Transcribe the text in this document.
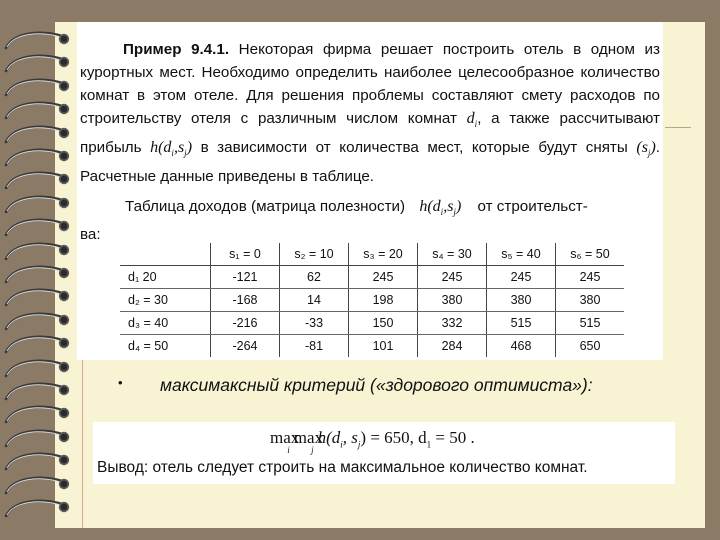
Пример 9.4.1. Некоторая фирма решает построить отель в одном из курортных мест. Необходимо определить наиболее целесообразное количество комнат в этом отеле. Для решения проблемы составляют смету расходов по строительству отеля с различным числом комнат $d_i$, а также рассчитывают прибыль $h(d_i,s_j)$ в зависимости от количества мест, которые будут сняты $(s_j)$. Расчетные данные приведены в таблице.
Таблица доходов (матрица полезности) $h(d_i,s_j)$ от строительст-
ва:
	s₁ = 0	s₂ = 10	s₃ = 20	s₄ = 30	s₅ = 40	s₆ = 50
d₁ 20	-121	62	245	245	245	245
d₂ = 30	-168	14	198	380	380	380
d₃ = 40	-216	-33	150	332	515	515
d₄ = 50	-264	-81	101	284	468	650
• максимаксный критерий («здорового оптимиста»):
$\max_i\max_jh(d_i$, $s_j) = 650$, $d_1 = 50$ .
Вывод: отель следует строить на максимальное количество комнат.
